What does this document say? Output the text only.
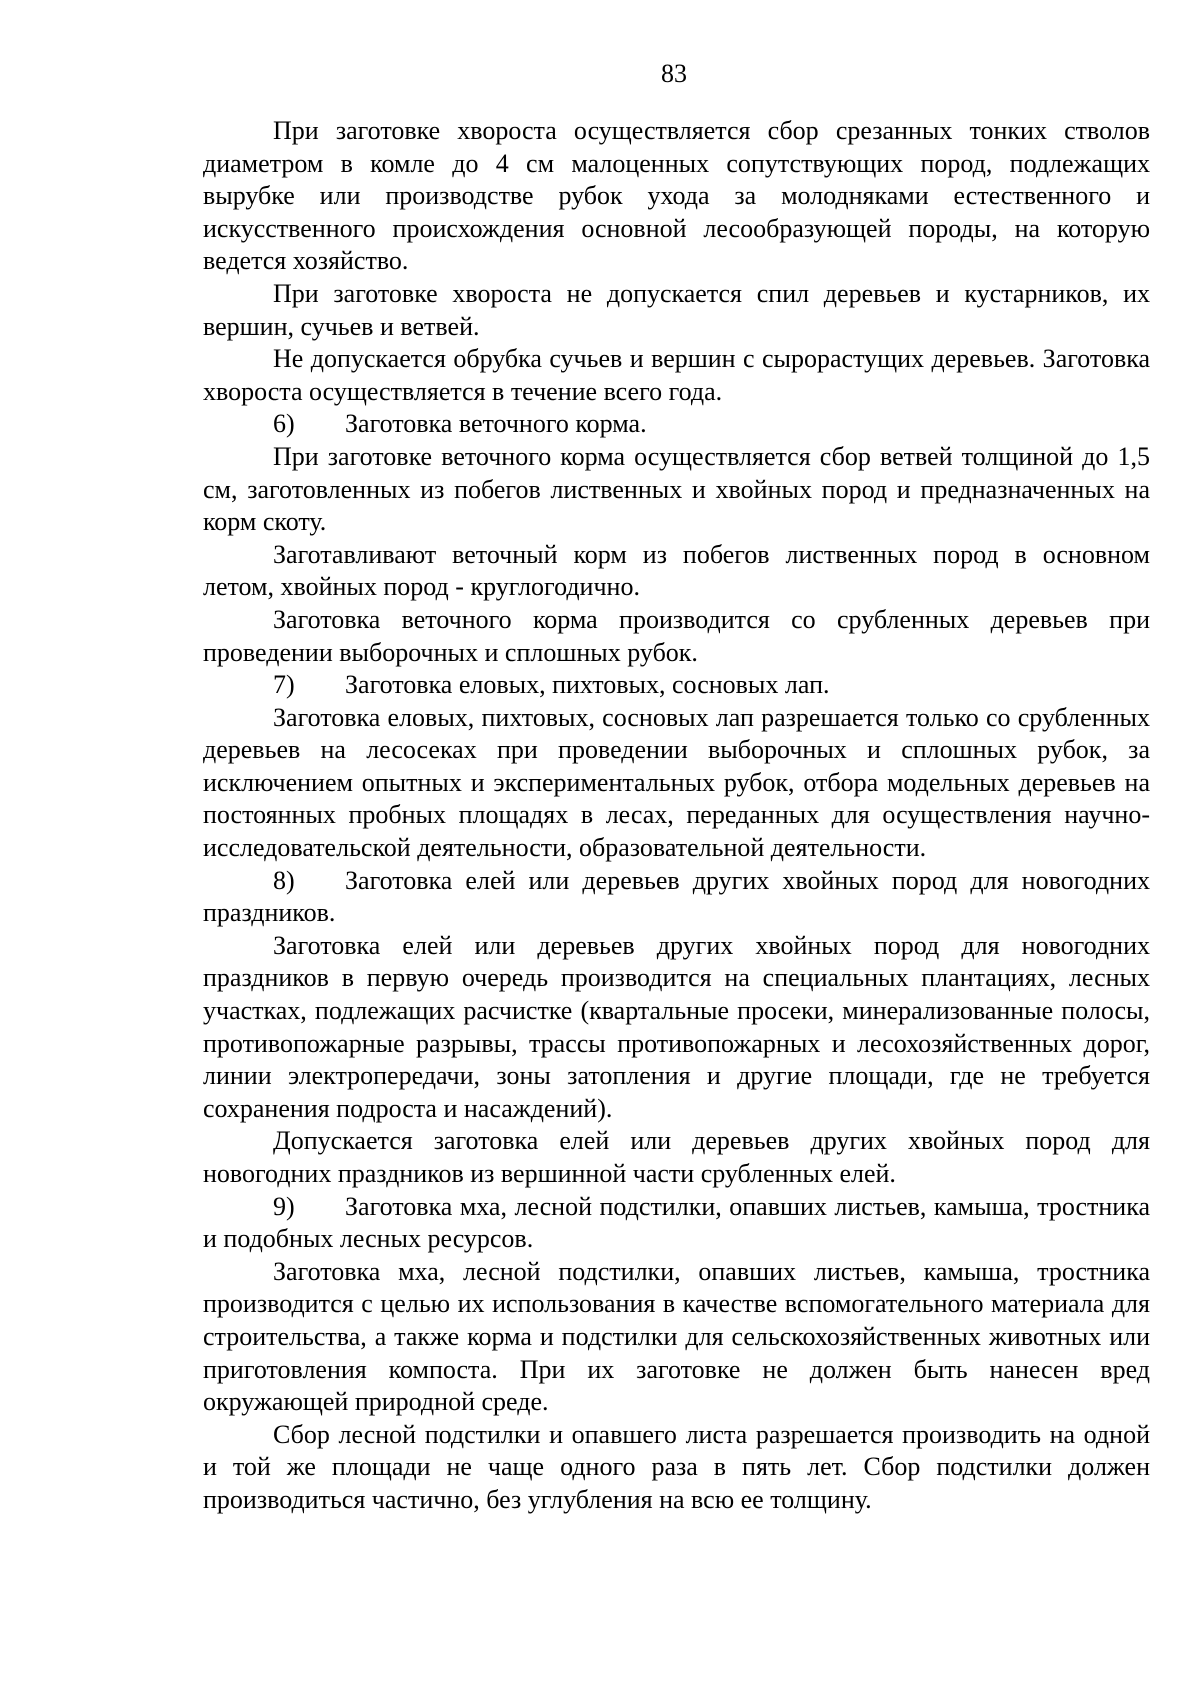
83

При заготовке хвороста осуществляется сбор срезанных тонких стволов диаметром в комле до 4 см малоценных сопутствующих пород, подлежащих вырубке или производстве рубок ухода за молодняками естественного и искусственного происхождения основной лесообразующей породы, на которую ведется хозяйство.

При заготовке хвороста не допускается спил деревьев и кустарников, их вершин, сучьев и ветвей.

Не допускается обрубка сучьев и вершин с сырорастущих деревьев. Заготовка хвороста осуществляется в течение всего года.

6) Заготовка веточного корма.

При заготовке веточного корма осуществляется сбор ветвей толщиной до 1,5 см, заготовленных из побегов лиственных и хвойных пород и предназначенных на корм скоту.

Заготавливают веточный корм из побегов лиственных пород в основном летом, хвойных пород - круглогодично.

Заготовка веточного корма производится со срубленных деревьев при проведении выборочных и сплошных рубок.

7) Заготовка еловых, пихтовых, сосновых лап.

Заготовка еловых, пихтовых, сосновых лап разрешается только со срубленных деревьев на лесосеках при проведении выборочных и сплошных рубок, за исключением опытных и экспериментальных рубок, отбора модельных деревьев на постоянных пробных площадях в лесах, переданных для осуществления научно-исследовательской деятельности, образовательной деятельности.

8) Заготовка елей или деревьев других хвойных пород для новогодних праздников.

Заготовка елей или деревьев других хвойных пород для новогодних праздников в первую очередь производится на специальных плантациях, лесных участках, подлежащих расчистке (квартальные просеки, минерализованные полосы, противопожарные разрывы, трассы противопожарных и лесохозяйственных дорог, линии электропередачи, зоны затопления и другие площади, где не требуется сохранения подроста и насаждений).

Допускается заготовка елей или деревьев других хвойных пород для новогодних праздников из вершинной части срубленных елей.

9) Заготовка мха, лесной подстилки, опавших листьев, камыша, тростника и подобных лесных ресурсов.

Заготовка мха, лесной подстилки, опавших листьев, камыша, тростника производится с целью их использования в качестве вспомогательного материала для строительства, а также корма и подстилки для сельскохозяйственных животных или приготовления компоста. При их заготовке не должен быть нанесен вред окружающей природной среде.

Сбор лесной подстилки и опавшего листа разрешается производить на одной и той же площади не чаще одного раза в пять лет. Сбор подстилки должен производиться частично, без углубления на всю ее толщину.
